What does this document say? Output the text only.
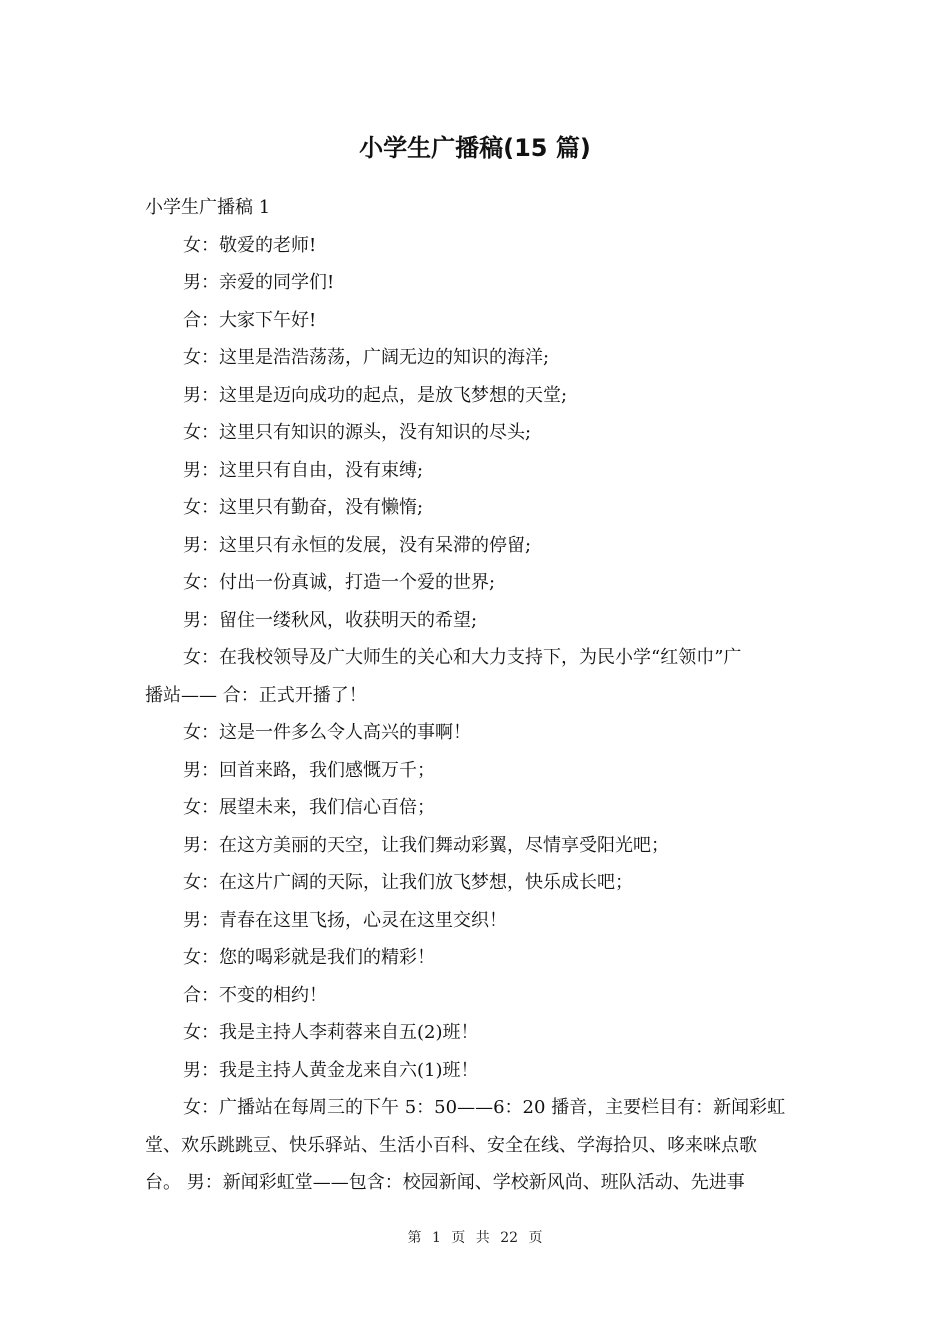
小学生广播稿(15 篇)
小学生广播稿 1
女：敬爱的老师!
男：亲爱的同学们!
合：大家下午好!
女：这里是浩浩荡荡，广阔无边的知识的海洋;
男：这里是迈向成功的起点，是放飞梦想的天堂;
女：这里只有知识的源头，没有知识的尽头;
男：这里只有自由，没有束缚;
女：这里只有勤奋，没有懒惰;
男：这里只有永恒的发展，没有呆滞的停留;
女：付出一份真诚，打造一个爱的世界;
男：留住一缕秋风，收获明天的希望;
女：在我校领导及广大师生的关心和大力支持下，为民小学“红领巾”广
播站—— 合：正式开播了！
女：这是一件多么令人高兴的事啊！
男：回首来路，我们感慨万千；
女：展望未来，我们信心百倍；
男：在这方美丽的天空，让我们舞动彩翼，尽情享受阳光吧；
女：在这片广阔的天际，让我们放飞梦想，快乐成长吧；
男：青春在这里飞扬，心灵在这里交织！
女：您的喝彩就是我们的精彩！
合：不变的相约！
女：我是主持人李莉蓉来自五(2)班！
男：我是主持人黄金龙来自六(1)班！
女：广播站在每周三的下午 5：50——6：20 播音，主要栏目有：新闻彩虹
堂、欢乐跳跳豆、快乐驿站、生活小百科、安全在线、学海拾贝、哆来咪点歌
台。 男：新闻彩虹堂——包含：校园新闻、学校新风尚、班队活动、先进事
第 1 页 共 22 页
